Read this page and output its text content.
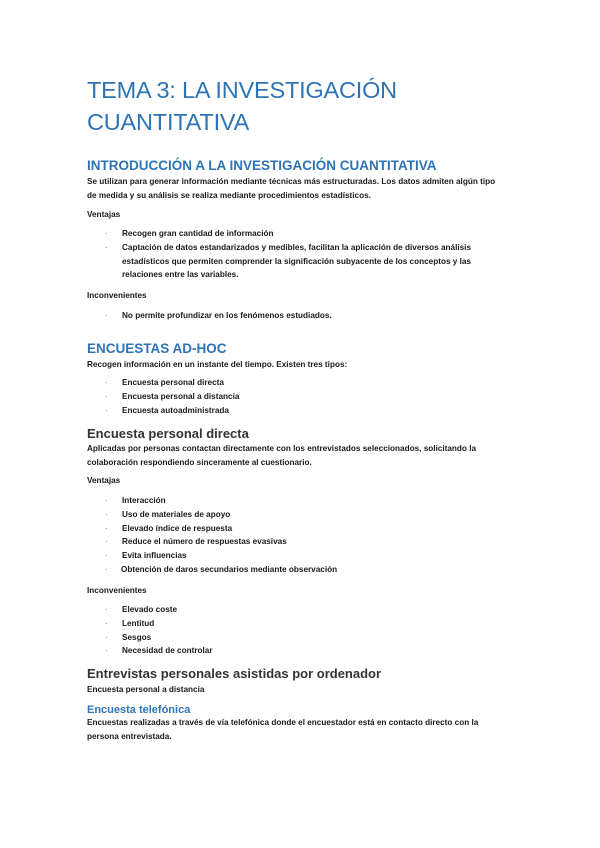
TEMA 3: LA INVESTIGACIÓN CUANTITATIVA
INTRODUCCIÓN A LA INVESTIGACIÓN CUANTITATIVA

Se utilizan para generar información mediante técnicas más estructuradas. Los datos admiten algún tipo de medida y su análisis se realiza mediante procedimientos estadísticos.

Ventajas

· Recogen gran cantidad de información
· Captación de datos estandarizados y medibles, facilitan la aplicación de diversos análisis estadísticos que permiten comprender la significación subyacente de los conceptos y las relaciones entre las variables.

Inconvenientes

· No permite profundizar en los fenómenos estudiados.
ENCUESTAS AD-HOC

Recogen información en un instante del tiempo. Existen tres tipos:

· Encuesta personal directa
· Encuesta personal a distancia
· Encuesta autoadministrada
Encuesta personal directa

Aplicadas por personas contactan directamente con los entrevistados seleccionados, solicitando la colaboración respondiendo sinceramente al cuestionario.

Ventajas

· Interacción
· Uso de materiales de apoyo
· Elevado índice de respuesta
· Reduce el número de respuestas evasivas
· Evita influencias
· Obtención de daros secundarios mediante observación

Inconvenientes

· Elevado coste
· Lentitud
· Sesgos
· Necesidad de controlar
Entrevistas personales asistidas por ordenador

Encuesta personal a distancia

Encuesta telefónica

Encuestas realizadas a través de vía telefónica donde el encuestador está en contacto directo con la persona entrevistada.
